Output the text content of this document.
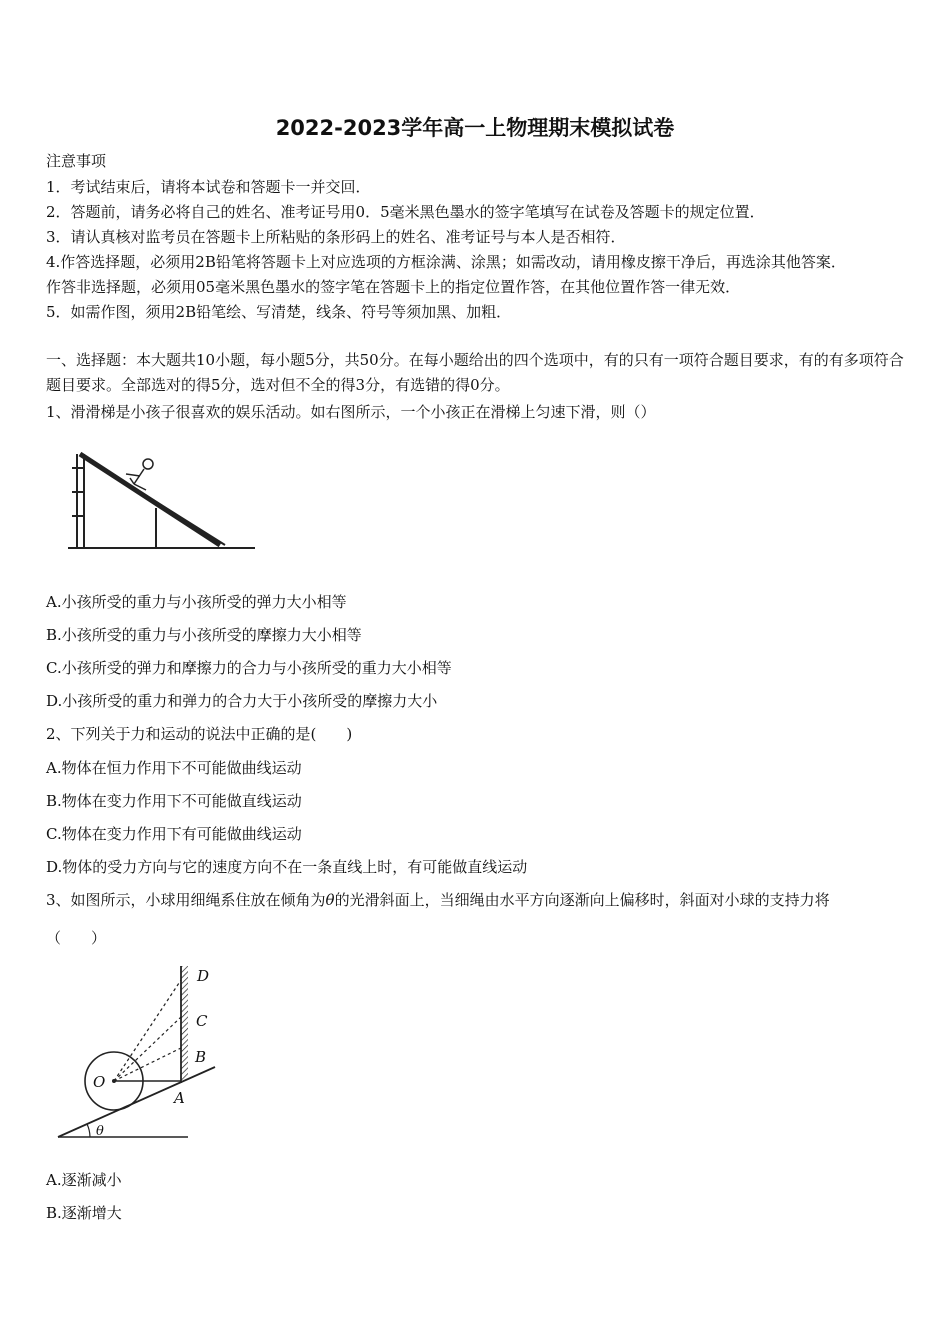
2022-2023学年高一上物理期末模拟试卷
注意事项
1．考试结束后，请将本试卷和答题卡一并交回．
2．答题前，请务必将自己的姓名、准考证号用0．5毫米黑色墨水的签字笔填写在试卷及答题卡的规定位置．
3．请认真核对监考员在答题卡上所粘贴的条形码上的姓名、准考证号与本人是否相符．
4.作答选择题，必须用2B铅笔将答题卡上对应选项的方框涂满、涂黑；如需改动，请用橡皮擦干净后，再选涂其他答案．
作答非选择题，必须用05毫米黑色墨水的签字笔在答题卡上的指定位置作答，在其他位置作答一律无效．
5．如需作图，须用2B铅笔绘、写清楚，线条、符号等须加黑、加粗．
一、选择题：本大题共10小题，每小题5分，共50分。在每小题给出的四个选项中，有的只有一项符合题目要求，有的有多项符合题目要求。全部选对的得5分，选对但不全的得3分，有选错的得0分。
1、滑滑梯是小孩子很喜欢的娱乐活动。如右图所示，一个小孩正在滑梯上匀速下滑，则（）
A.小孩所受的重力与小孩所受的弹力大小相等
B.小孩所受的重力与小孩所受的摩擦力大小相等
C.小孩所受的弹力和摩擦力的合力与小孩所受的重力大小相等
D.小孩所受的重力和弹力的合力大于小孩所受的摩擦力大小
2、下列关于力和运动的说法中正确的是(　　)
A.物体在恒力作用下不可能做曲线运动
B.物体在变力作用下不可能做直线运动
C.物体在变力作用下有可能做曲线运动
D.物体的受力方向与它的速度方向不在一条直线上时，有可能做直线运动
3、如图所示，小球用细绳系住放在倾角为θ的光滑斜面上，当细绳由水平方向逐渐向上偏移时，斜面对小球的支持力将
（　　）
D
C
B
A
O
θ
A.逐渐减小
B.逐渐增大
